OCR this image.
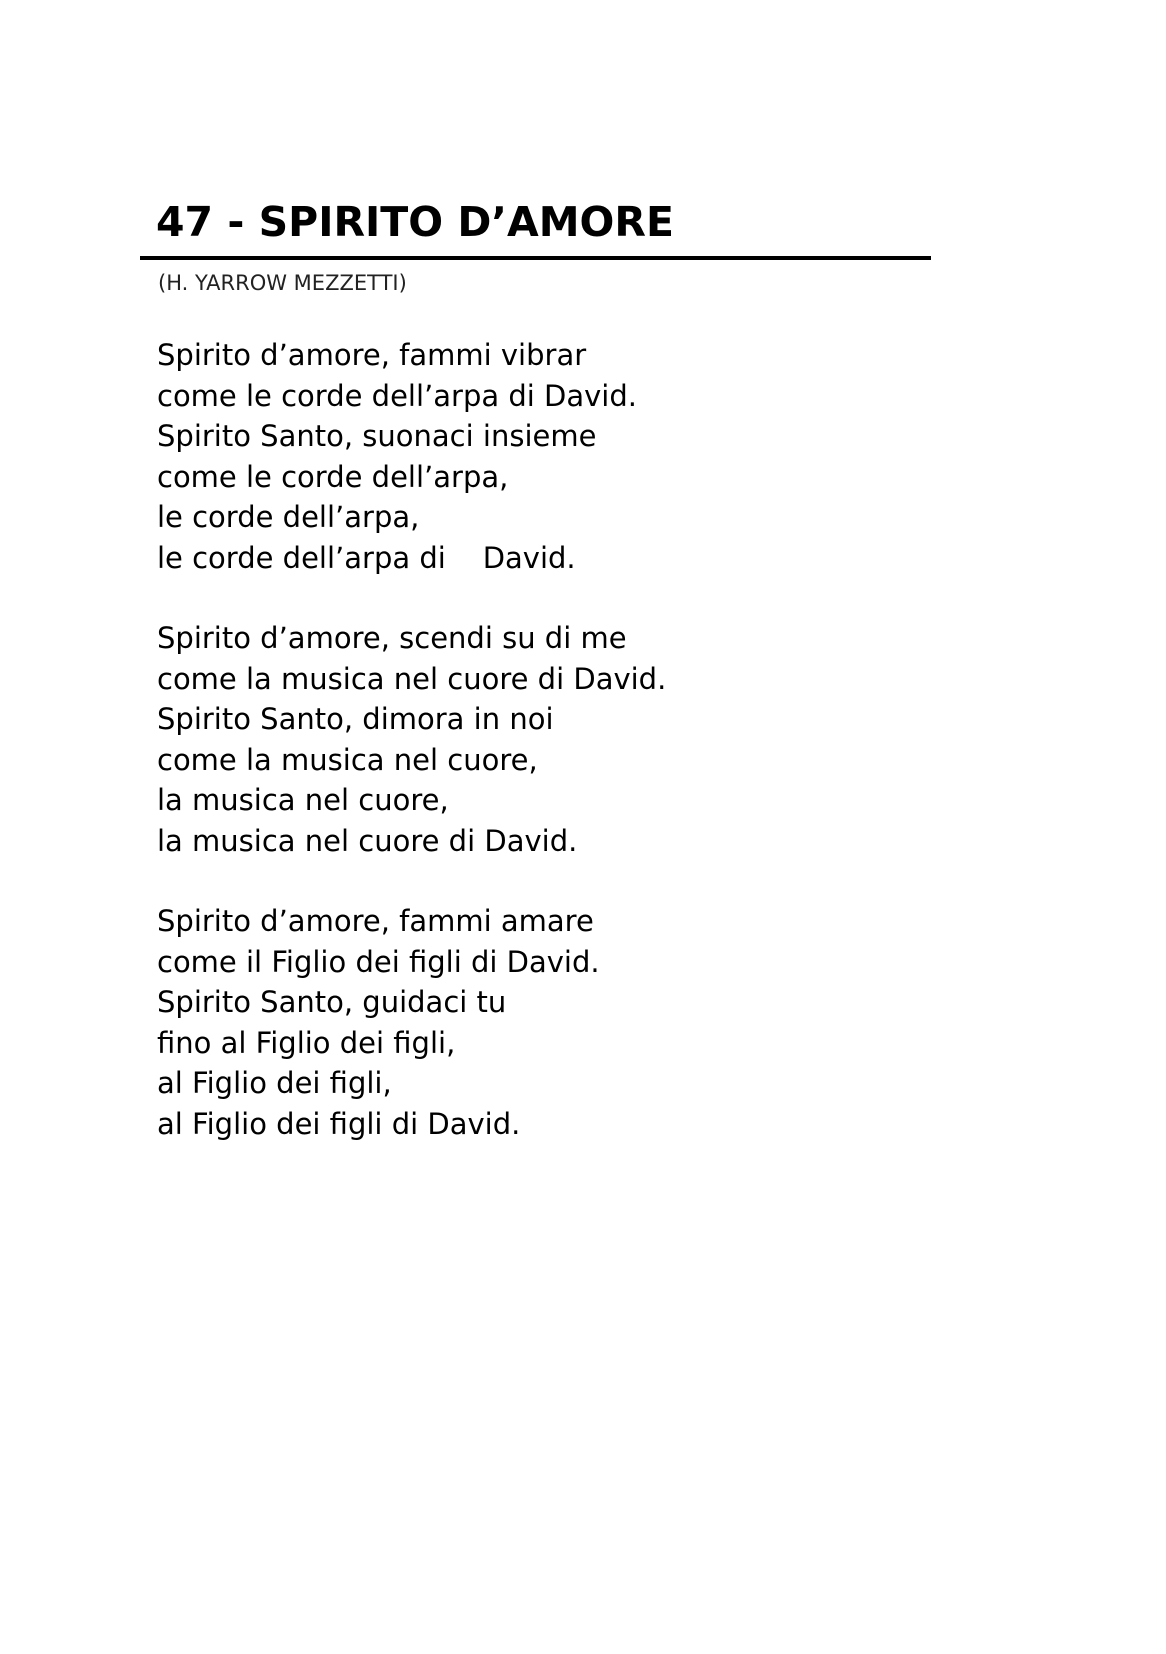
47 - SPIRITO D’AMORE

(H. YARROW MEZZETTI)

Spirito d’amore, fammi vibrar
come le corde dell’arpa di David.
Spirito Santo, suonaci insieme
come le corde dell’arpa,
le corde dell’arpa,
le corde dell’arpa di    David.
Spirito d’amore, scendi su di me
come la musica nel cuore di David.
Spirito Santo, dimora in noi
come la musica nel cuore,
la musica nel cuore,
la musica nel cuore di David.
Spirito d’amore, fammi amare
come il Figlio dei figli di David.
Spirito Santo, guidaci tu
fino al Figlio dei figli,
al Figlio dei figli,
al Figlio dei figli di David.
